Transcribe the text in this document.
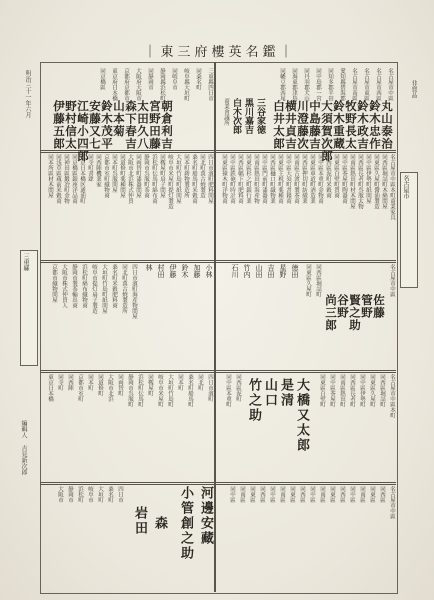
｜東三府樓英名鑑｜
非賣品
明治三十一年六月
名古屋市
三重縣
丸山泰治
鈴木忠作
鈴木政吉
牧野長太
鈴木重蔵
大須賀次郎
中島藤吉
川澄藤次
横井貞吉
白井太郎
名古屋市中區
名古屋市西區
名古屋市東區
名古屋市南區
愛知縣碧海郡
同知多郡半田
同中島郡一宮
同丹羽郡犬山
同海東郡津島
同幡豆郡西尾
三谷家徳
黒川嘉吉
白木次郎
商業會議所
朝倉利吉
宮野田藤
太田久八
森下春吉
山本菊
鈴木茂平
安藤又七
江崎小四郎
野村信太
伊藤五郎
三重縣四日市
同桑名町
岐阜縣大垣町
同岐阜市
静岡縣浜松町
同静岡市
大阪府大阪市
京都府京都市
東京府日本橋
同京橋區
名古屋市中區本町商業家具
同西區堀詰町木綿問屋
同東區久屋町醬油製造
同中區伊勢町紙問屋
同西區長者町呉服太物
同南區熱田町材木問屋
同中區茶屋町陶器商
同東區白壁町質商
同西區泥町米穀商
同中區本重町金物商
同東區車道町酒造業
同西區押切町紡績業
同南區古渡町製茶商
同中區大須町書籍商
同東區主税町薬種商
同西區樋口町織物業
同中區門前町漆器商
同南區熱田町海産物
同東區杉之町銀行業
同西區幅下町肥料商
同中區鉄砲町時計商
同東區撞木町洋物商
四日市濱町肥料問屋
同北町萬古焼製造
桑名町船馬町米穀商
同本町鋳物製造所
大垣町竹島町紙問屋
岐阜市米屋町提灯製造
同靱屋町扇子問屋
浜松町伝馬町綿布商
静岡市呉服町茶商
同両替町漆器問屋
大阪市北浜株式仲買
同道修町薬種問屋
同本町呉服問屋
京都市室町織物商
同西陣機業家
同寺町書肆
東京日本橋区通油町
同京橋區銀座洋品商
同神田區鍛冶町金物
同浅草區蔵前米穀商
同本所區材木問屋
名古屋市中區
佐藤
管野
賢之助
谷野
尚三郎
同西區堀詰町
同東區久屋町
徳田
星野
吉田
山田
竹内
石川
小林
加藤
鈴木
伊藤
村田
林
四日市濱町海産物問屋
同北町萬古焼製造所
桑名町米穀肥料商
大垣町竹島町紙問屋
岐阜市提灯扇子製造
浜松町綿布織物商
静岡市製茶輸出商
大阪市株式仲買人
京都市織物問屋
大橋又太郎
是清
山口
竹之助	名古屋市中區本町
同西區堀詰町
同東區久屋町
同中區伊勢町
同西區長者町
同南區熱田町
同中區茶屋町
同東區白壁町
同西區泥町
同中區本重町
四日市濱町
同北町
桑名町船馬町
同本町
大垣町竹島町
岐阜市米屋町
同靱屋町
浜松町伝馬町
静岡市呉服町
同両替町
大阪市北浜
同道修町
同本町
京都市室町
同西陣
同寺町
東京日本橋
名古屋市中區
同西區
同東區
同南區
同中區
同西區
同東區
同南區
同中區
同西區
同東區
同南區
同中區
同西區
同東區
同南區
同中區
河邊安藏
小管創之助
森
岩田
四日市
桑名町
大垣町
岐阜市
浜松町
静岡市
大阪市
編輯人 吉見新次郎
